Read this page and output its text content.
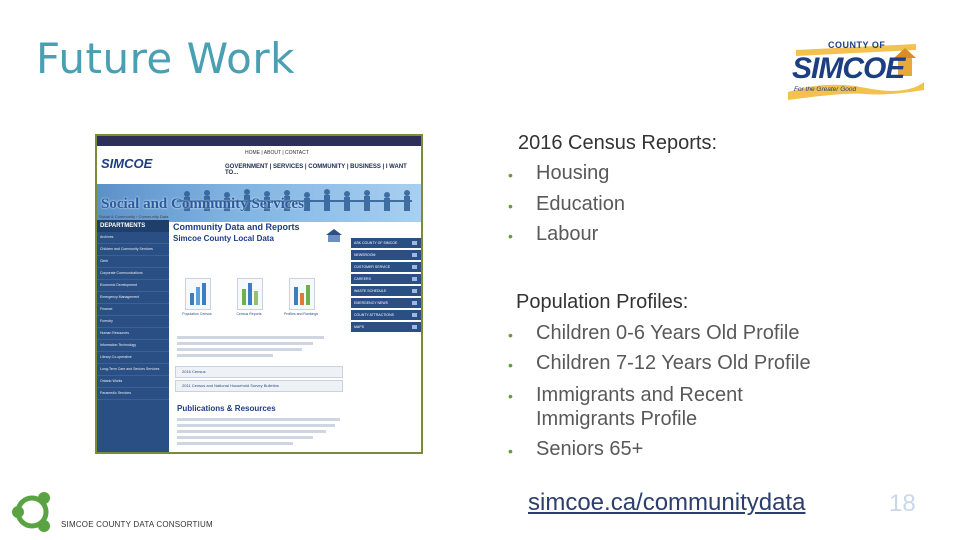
Future Work	COUNTY OF
SIMCOE
For the Greater Good
SIMCOE
HOME | ABOUT | CONTACT
GOVERNMENT | SERVICES | COMMUNITY | BUSINESS | I WANT TO...
Social and Community Services
Social & Community › Community Data
DEPARTMENTS
Archives
Children and Community Services
Clerk
Corporate Communications
Economic Development
Emergency Management
Finance
Forestry
Human Resources
Information Technology
Library Co-operative
Long-Term Care and Seniors Services
Ontario Works
Paramedic Services
Community Data and Reports
Simcoe County Local Data
Population Census	Census Reports	Profiles and Rankings
2016 Census
2011 Census and National Household Survey Bulletins
Publications & Resources
ASK COUNTY OF SIMCOE
NEWSROOM
CUSTOMER SERVICE
CAREERS
WASTE SCHEDULE
EMERGENCY NEWS
COUNTY ATTRACTIONS
MAPS
2016 Census Reports:
• Housing
• Education
• Labour
Population Profiles:
• Children 0-6 Years Old Profile
• Children 7-12 Years Old Profile
• Immigrants and Recent Immigrants Profile
• Seniors 65+
simcoe.ca/communitydata	18
SIMCOE COUNTY DATA CONSORTIUM
